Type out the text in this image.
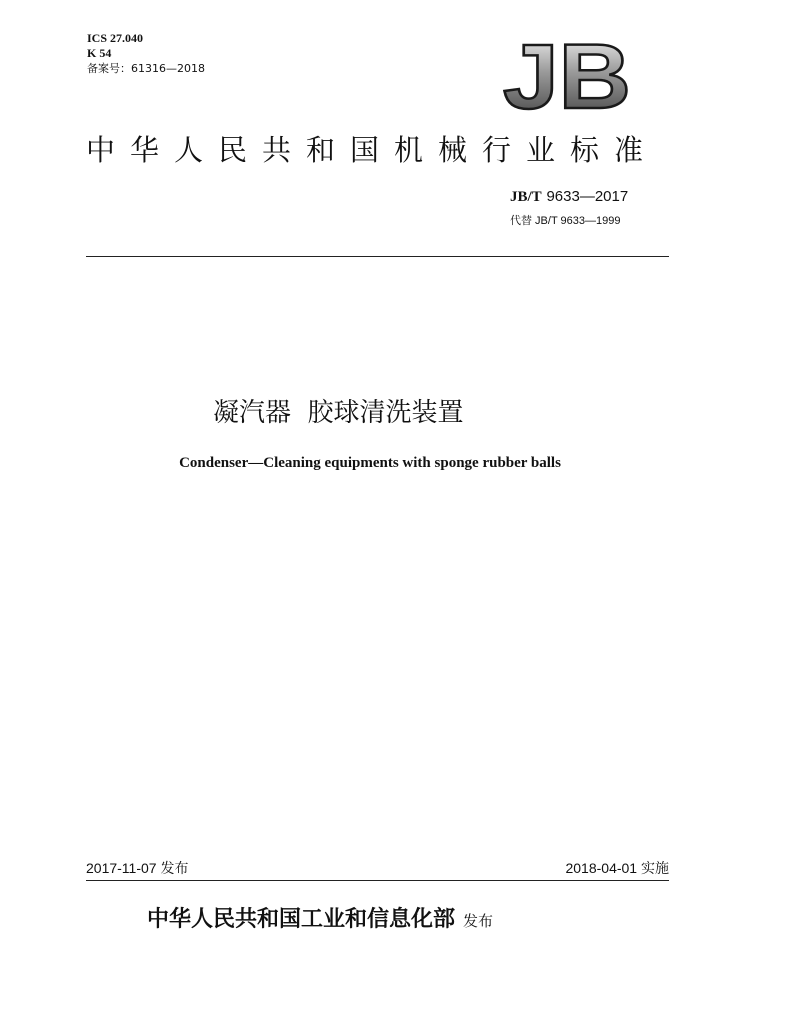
ICS 27.040
K 54
备案号：61316—2018	JB
中华人民共和国机械行业标准
JB/T 9633—2017
代替 JB/T 9633—1999
凝汽器  胶球清洗装置
Condenser—Cleaning equipments with sponge rubber balls
2017-11-07 发布	2018-04-01 实施
中华人民共和国工业和信息化部 发布
